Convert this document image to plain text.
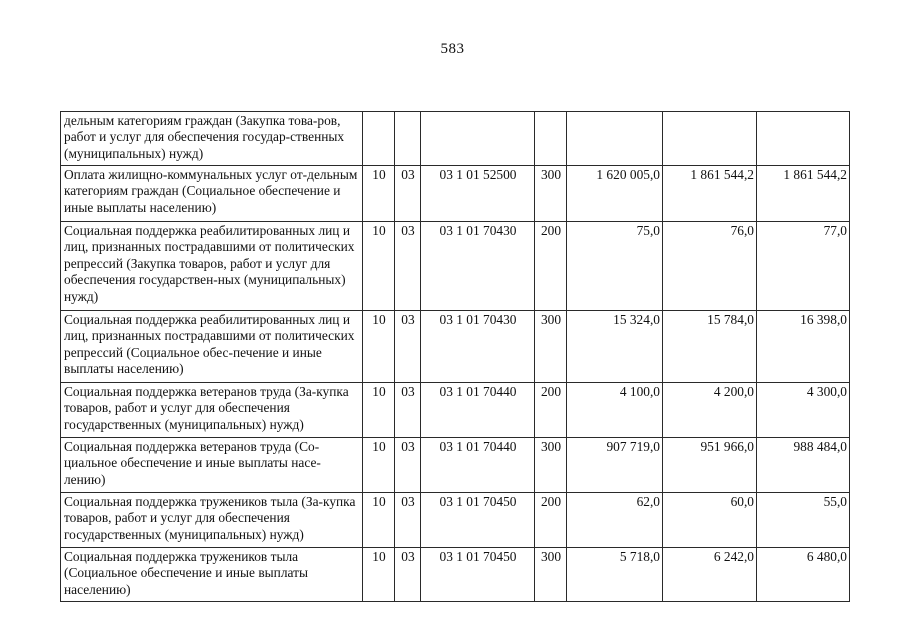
583
дельным категориям граждан (Закупка това-ров, работ и услуг для обеспечения государ-ственных (муниципальных) нужд)							
Оплата жилищно-коммунальных услуг от-дельным категориям граждан (Социальное обеспечение и иные выплаты населению)	10	03	03 1 01 52500	300	1 620 005,0	1 861 544,2	1 861 544,2
Социальная поддержка реабилитированных лиц и лиц, признанных пострадавшими от политических репрессий (Закупка товаров, работ и услуг для обеспечения государствен-ных (муниципальных) нужд)	10	03	03 1 01 70430	200	75,0	76,0	77,0
Социальная поддержка реабилитированных лиц и лиц, признанных пострадавшими от политических репрессий (Социальное обес-печение и иные выплаты населению)	10	03	03 1 01 70430	300	15 324,0	15 784,0	16 398,0
Социальная поддержка ветеранов труда (За-купка товаров, работ и услуг для обеспечения государственных (муниципальных) нужд)	10	03	03 1 01 70440	200	4 100,0	4 200,0	4 300,0
Социальная поддержка ветеранов труда (Со-циальное обеспечение и иные выплаты насе-лению)	10	03	03 1 01 70440	300	907 719,0	951 966,0	988 484,0
Социальная поддержка тружеников тыла (За-купка товаров, работ и услуг для обеспечения государственных (муниципальных) нужд)	10	03	03 1 01 70450	200	62,0	60,0	55,0
Социальная поддержка тружеников тыла (Социальное обеспечение и иные выплаты населению)	10	03	03 1 01 70450	300	5 718,0	6 242,0	6 480,0
